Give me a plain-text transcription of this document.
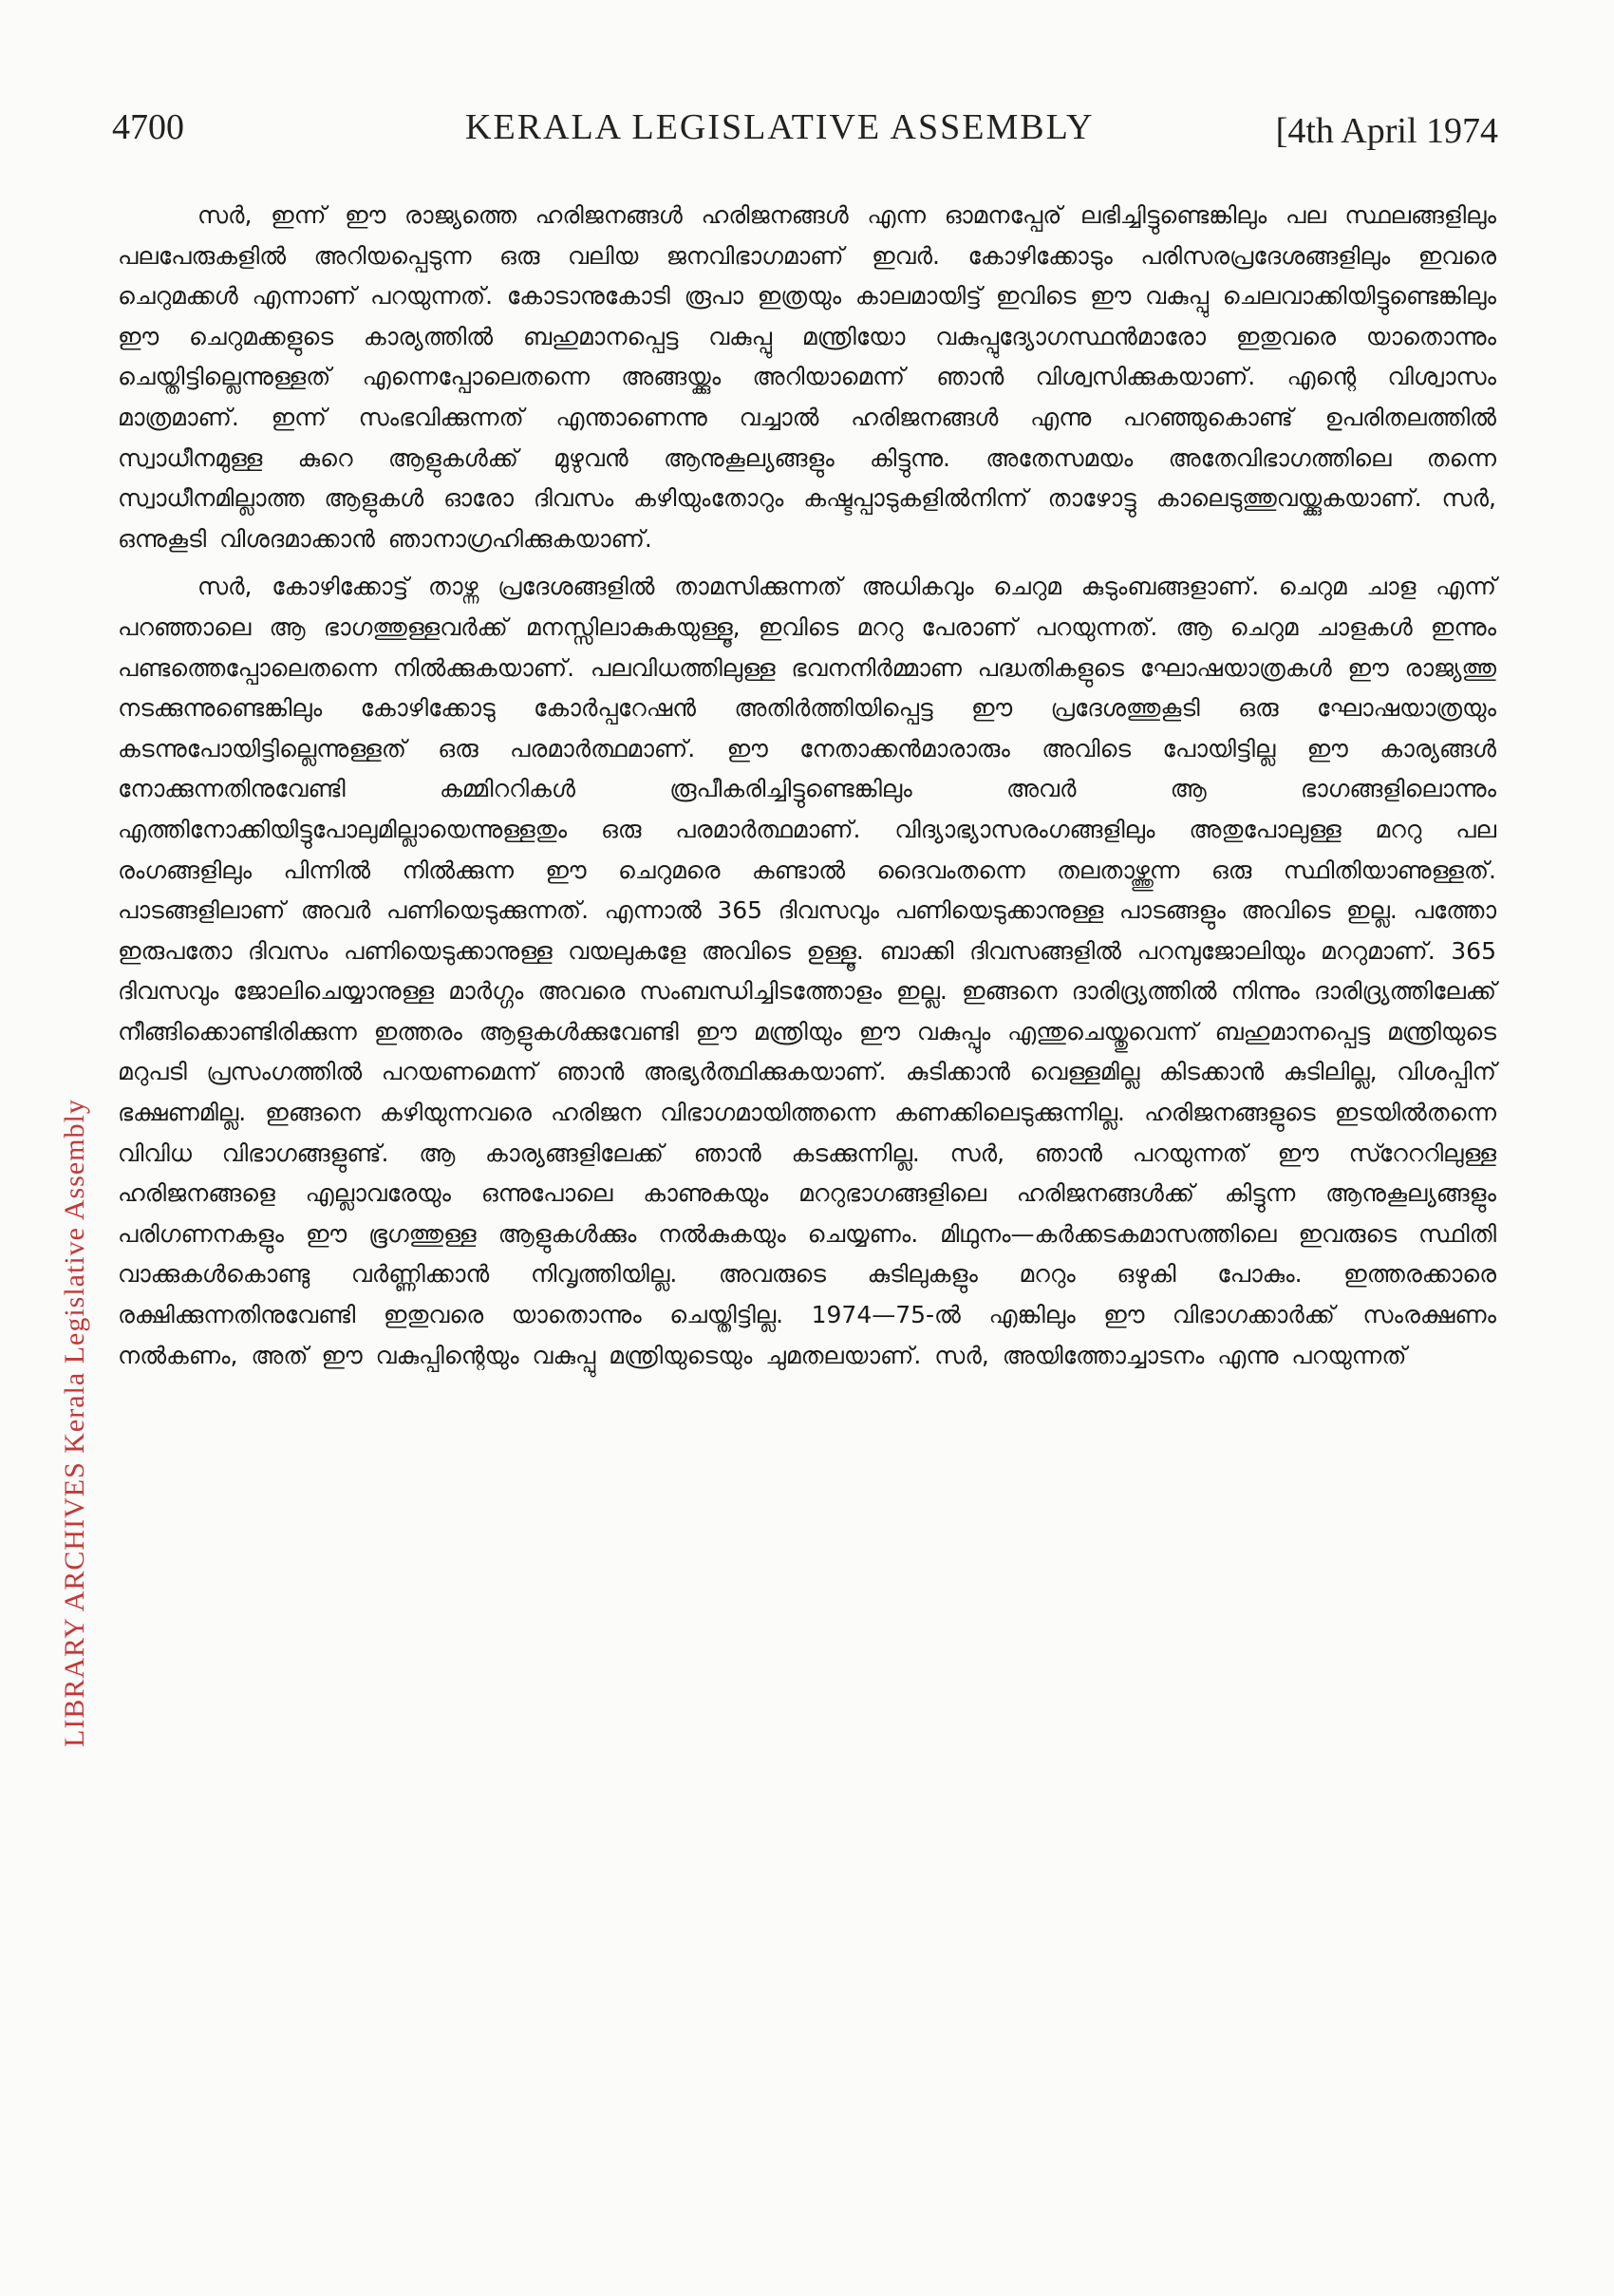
4700	KERALA LEGISLATIVE ASSEMBLY	[4th April 1974
LIBRARY ARCHIVES Kerala Legislative Assembly

സർ, ഇന്ന് ഈ രാജ്യത്തെ ഹരിജനങ്ങൾ ഹരിജനങ്ങൾ എന്ന ഓമനപ്പേര് ലഭിച്ചിട്ടുണ്ടെങ്കിലും പല സ്ഥലങ്ങളിലും പലപേരുകളിൽ അറിയപ്പെടുന്ന ഒരു വലിയ ജനവിഭാഗമാണ് ഇവർ. കോഴിക്കോടും പരിസരപ്രദേശങ്ങളിലും ഇവരെ ചെറുമക്കൾ എന്നാണ് പറയുന്നത്. കോടാനുകോടി രൂപാ ഇത്രയും കാലമായിട്ട് ഇവിടെ ഈ വകുപ്പു ചെലവാക്കിയിട്ടുണ്ടെങ്കിലും ഈ ചെറുമക്കളുടെ കാര്യത്തിൽ ബഹുമാനപ്പെട്ട വകുപ്പു മന്ത്രിയോ വകുപ്പുദ്യോഗസ്ഥൻമാരോ ഇതുവരെ യാതൊന്നും ചെയ്തിട്ടില്ലെന്നുള്ളത് എന്നെപ്പോലെതന്നെ അങ്ങയ്ക്കും അറിയാമെന്ന് ഞാൻ വിശ്വസിക്കുകയാണ്. എന്റെ വിശ്വാസം മാത്രമാണ്. ഇന്ന് സംഭവിക്കുന്നത് എന്താണെന്നു വച്ചാൽ ഹരിജനങ്ങൾ എന്നു പറഞ്ഞുകൊണ്ട് ഉപരിതലത്തിൽ സ്വാധീനമുള്ള കുറെ ആളുകൾക്ക് മുഴുവൻ ആനുകൂല്യങ്ങളും കിട്ടുന്നു. അതേസമയം അതേവിഭാഗത്തിലെ തന്നെ സ്വാധീനമില്ലാത്ത ആളുകൾ ഓരോ ദിവസം കഴിയുംതോറും കഷ്ടപ്പാടുകളിൽനിന്ന് താഴോട്ടു കാലെടുത്തുവയ്ക്കുകയാണ്. സർ, ഒന്നുകൂടി വിശദമാക്കാൻ ഞാനാഗ്രഹിക്കുകയാണ്.

സർ, കോഴിക്കോട്ട് താഴ്ന്ന പ്രദേശങ്ങളിൽ താമസിക്കുന്നത് അധികവും ചെറുമ കുടുംബങ്ങളാണ്. ചെറുമ ചാള എന്ന് പറഞ്ഞാലെ ആ ഭാഗത്തുള്ളവർക്ക് മനസ്സിലാകുകയുള്ളൂ, ഇവിടെ മററു പേരാണ് പറയുന്നത്. ആ ചെറുമ ചാളകൾ ഇന്നും പണ്ടത്തെപ്പോലെതന്നെ നിൽക്കുകയാണ്. പലവിധത്തിലുള്ള ഭവനനിർമ്മാണ പദ്ധതികളുടെ ഘോഷയാത്രകൾ ഈ രാജ്യത്തു നടക്കുന്നുണ്ടെങ്കിലും കോഴിക്കോടു കോർപ്പറേഷൻ അതിർത്തിയിപ്പെട്ട ഈ പ്രദേശത്തുകൂടി ഒരു ഘോഷയാത്രയും കടന്നുപോയിട്ടില്ലെന്നുള്ളത് ഒരു പരമാർത്ഥമാണ്. ഈ നേതാക്കൻമാരാരും അവിടെ പോയിട്ടില്ല ഈ കാര്യങ്ങൾ നോക്കുന്നതിനുവേണ്ടി കമ്മിററികൾ രൂപീകരിച്ചിട്ടുണ്ടെങ്കിലും അവർ ആ ഭാഗങ്ങളിലൊന്നും എത്തിനോക്കിയിട്ടുപോലുമില്ലായെന്നുള്ളതും ഒരു പരമാർത്ഥമാണ്. വിദ്യാഭ്യാസരംഗങ്ങളിലും അതുപോലുള്ള മററു പല രംഗങ്ങളിലും പിന്നിൽ നിൽക്കുന്ന ഈ ചെറുമരെ കണ്ടാൽ ദൈവംതന്നെ തലതാഴ്ത്തുന്ന ഒരു സ്ഥിതിയാണുള്ളത്. പാടങ്ങളിലാണ് അവർ പണിയെടുക്കുന്നത്. എന്നാൽ 365 ദിവസവും പണിയെടുക്കാനുള്ള പാടങ്ങളും അവിടെ ഇല്ല. പത്തോ ഇരുപതോ ദിവസം പണിയെടുക്കാനുള്ള വയലുകളേ അവിടെ ഉള്ളൂ. ബാക്കി ദിവസങ്ങളിൽ പറമ്പുജോലിയും മററുമാണ്. 365 ദിവസവും ജോലിചെയ്യാനുള്ള മാർഗ്ഗം അവരെ സംബന്ധിച്ചിടത്തോളം ഇല്ല. ഇങ്ങനെ ദാരിദ്ര്യത്തിൽ നിന്നും ദാരിദ്ര്യത്തിലേക്ക് നീങ്ങിക്കൊണ്ടിരിക്കുന്ന ഇത്തരം ആളുകൾക്കുവേണ്ടി ഈ മന്ത്രിയും ഈ വകുപ്പും എന്തുചെയ്തുവെന്ന് ബഹുമാനപ്പെട്ട മന്ത്രിയുടെ മറുപടി പ്രസംഗത്തിൽ പറയണമെന്ന് ഞാൻ അഭ്യർത്ഥിക്കുകയാണ്. കുടിക്കാൻ വെള്ളമില്ല കിടക്കാൻ കുടിലില്ല, വിശപ്പിന് ഭക്ഷണമില്ല. ഇങ്ങനെ കഴിയുന്നവരെ ഹരിജന വിഭാഗമായിത്തന്നെ കണക്കിലെടുക്കുന്നില്ല. ഹരിജനങ്ങളുടെ ഇടയിൽതന്നെ വിവിധ വിഭാഗങ്ങളുണ്ട്. ആ കാര്യങ്ങളിലേക്ക് ഞാൻ കടക്കുന്നില്ല. സർ, ഞാൻ പറയുന്നത് ഈ സ്റേററിലുള്ള ഹരിജനങ്ങളെ എല്ലാവരേയും ഒന്നുപോലെ കാണുകയും മററുഭാഗങ്ങളിലെ ഹരിജനങ്ങൾക്ക് കിട്ടുന്ന ആനുകൂല്യങ്ങളും പരിഗണനകളും ഈ ഭൂഗത്തുള്ള ആളുകൾക്കും നൽകുകയും ചെയ്യണം. മിഥുനം—കർക്കടകമാസത്തിലെ ഇവരുടെ സ്ഥിതി വാക്കുകൾകൊണ്ടു വർണ്ണിക്കാൻ നിവൃത്തിയില്ല. അവരുടെ കുടിലുകളും മററും ഒഴുകി പോകും. ഇത്തരക്കാരെ രക്ഷിക്കുന്നതിനുവേണ്ടി ഇതുവരെ യാതൊന്നും ചെയ്തിട്ടില്ല. 1974—75-ൽ എങ്കിലും ഈ വിഭാഗക്കാർക്ക് സംരക്ഷണം നൽകണം, അത് ഈ വകുപ്പിന്റെയും വകുപ്പു മന്ത്രിയുടെയും ചുമതലയാണ്. സർ, അയിത്തോച്ചാടനം എന്നു പറയുന്നത്
